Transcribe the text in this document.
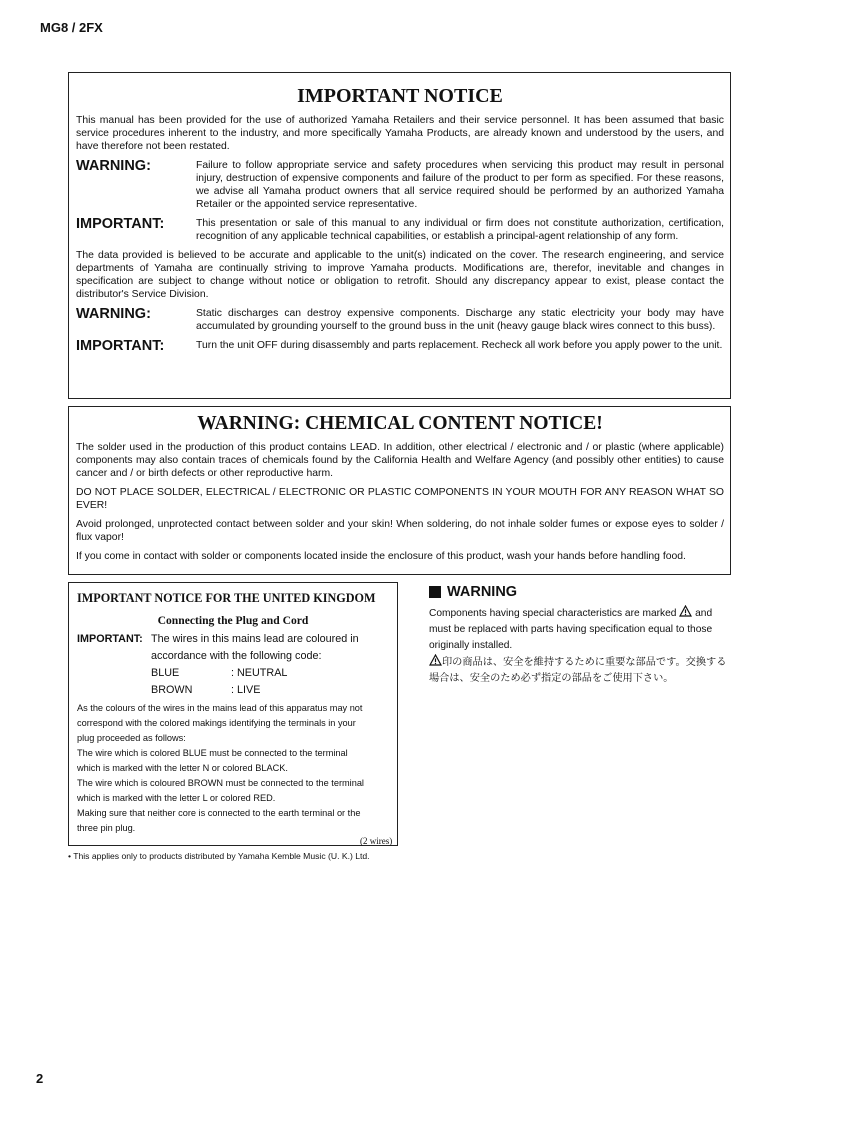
MG8 / 2FX
IMPORTANT NOTICE

This manual has been provided for the use of authorized Yamaha Retailers and their service personnel. It has been assumed that basic service procedures inherent to the industry, and more specifically Yamaha Products, are already known and understood by the users, and have therefore not been restated.

WARNING:	Failure to follow appropriate service and safety procedures when servicing this product may result in personal injury, destruction of expensive components and failure of the product to per form as specified. For these reasons, we advise all Yamaha product owners that all service required should be performed by an authorized Yamaha Retailer or the appointed service representative.
IMPORTANT:	This presentation or sale of this manual to any individual or firm does not constitute authorization, certification, recognition of any applicable technical capabilities, or establish a principal-agent relationship of any form.

The data provided is believed to be accurate and applicable to the unit(s) indicated on the cover. The research engineering, and service departments of Yamaha are continually striving to improve Yamaha products. Modifications are, therefor, inevitable and changes in specification are subject to change without notice or obligation to retrofit. Should any discrepancy appear to exist, please contact the distributor's Service Division.

WARNING:	Static discharges can destroy expensive components. Discharge any static electricity your body may have accumulated by grounding yourself to the ground buss in the unit (heavy gauge black wires connect to this buss).
IMPORTANT:	Turn the unit OFF during disassembly and parts replacement. Recheck all work before you apply power to the unit.
WARNING: CHEMICAL CONTENT NOTICE!

The solder used in the production of this product contains LEAD. In addition, other electrical / electronic and / or plastic (where applicable) components may also contain traces of chemicals found by the California Health and Welfare Agency (and possibly other entities) to cause cancer and / or birth defects or other reproductive harm.

DO NOT PLACE SOLDER, ELECTRICAL / ELECTRONIC OR PLASTIC COMPONENTS IN YOUR MOUTH FOR ANY REASON WHAT SO EVER!

Avoid prolonged, unprotected contact between solder and your skin! When soldering, do not inhale solder fumes or expose eyes to solder / flux vapor!

If you come in contact with solder or components located inside the enclosure of this product, wash your hands before handling food.

IMPORTANT NOTICE FOR THE UNITED KINGDOM
Connecting the Plug and Cord
IMPORTANT: The wires in this mains lead are coloured in
accordance with the following code:
BLUE	: NEUTRAL
BROWN	: LIVE

As the colours of the wires in the mains lead of this apparatus may not

correspond with the colored makings identifying the terminals in your

plug proceeded as follows:

The wire which is colored BLUE must be connected to the terminal

which is marked with the letter N or colored BLACK.

The wire which is coloured BROWN must be connected to the terminal

which is marked with the letter L or colored RED.

Making sure that neither core is connected to the earth terminal or the

three pin plug.

(2 wires)
• This applies only to products distributed by Yamaha Kemble Music (U. K.) Ltd.
WARNING

Components having special characteristics are marked and must be replaced with parts having specification equal to those originally installed.

印の商品は、安全を維持するために重要な部品です。交換する場合は、安全のため必ず指定の部品をご使用下さい。

2
